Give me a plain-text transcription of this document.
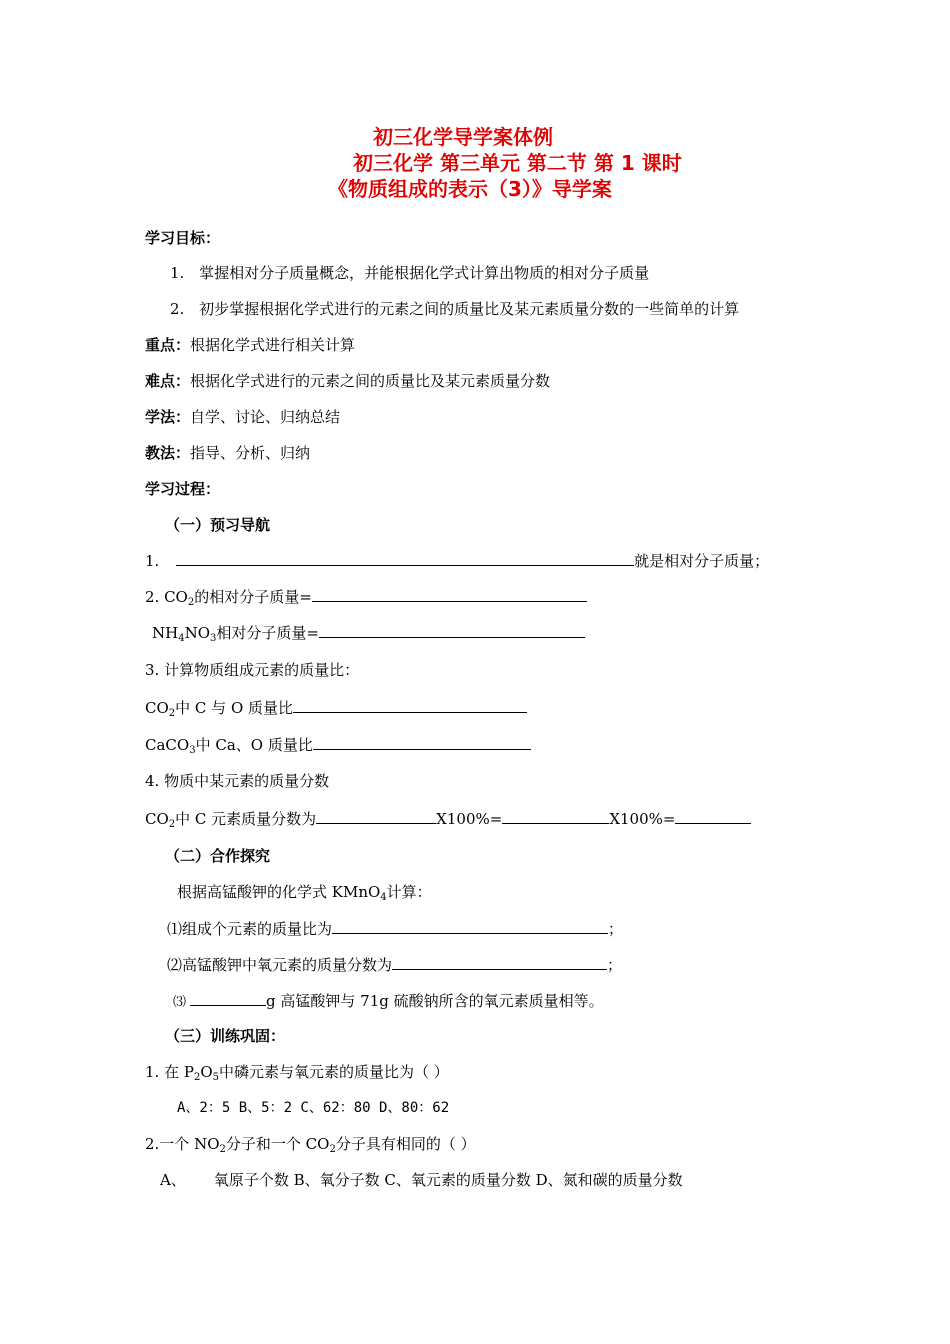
初三化学导学案体例
初三化学 第三单元 第二节 第 1 课时
《物质组成的表示（3）》导学案
学习目标：
1. 掌握相对分子质量概念，并能根据化学式计算出物质的相对分子质量
2. 初步掌握根据化学式进行的元素之间的质量比及某元素质量分数的一些简单的计算
重点：根据化学式进行相关计算
难点：根据化学式进行的元素之间的质量比及某元素质量分数
学法：自学、讨论、归纳总结
教法：指导、分析、归纳
学习过程：
（一）预习导航
1.	就是相对分子质量；
2. $CO_2$的相对分子质量=
$NH_4NO_3$相对分子质量=
3. 计算物质组成元素的质量比：
$CO_2$中 C 与 O 质量比
CaCO$_3$中 Ca、O 质量比
4. 物质中某元素的质量分数
$CO_2$中 C 元素质量分数为	X100%=	X100%=
（二）合作探究
根据高锰酸钾的化学式 KMnO$_4$计算：
⑴组成个元素的质量比为	；
⑵高锰酸钾中氧元素的质量分数为	；
⑶	g 高锰酸钾与 71g 硫酸钠所含的氧元素质量相等。
（三）训练巩固：
1. 在 $P_2O_5$中磷元素与氧元素的质量比为（ ）
A、2：5 B、5：2 C、62：80 D、80：62
2.一个 $NO_2$分子和一个 $CO_2$分子具有相同的（ ）
A、 氧原子个数 B、氧分子数 C、氧元素的质量分数 D、氮和碳的质量分数
